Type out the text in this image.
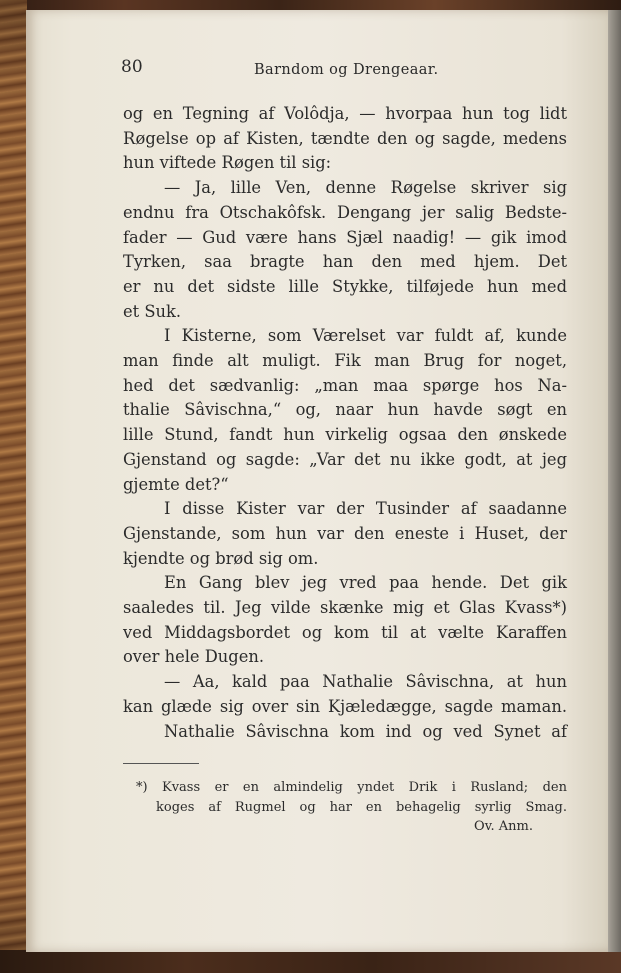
80	Barndom og Drengeaar.
og en Tegning af Volôdja, — hvorpaa hun tog lidt
Røgelse op af Kisten, tændte den og sagde, medens
hun viftede Røgen til sig:
— Ja, lille Ven, denne Røgelse skriver sig
endnu fra Otschakôfsk. Dengang jer salig Bedste-
fader — Gud være hans Sjæl naadig! — gik imod
Tyrken, saa bragte han den med hjem. Det
er nu det sidste lille Stykke, tilføjede hun med
et Suk.
I Kisterne, som Værelset var fuldt af, kunde
man finde alt muligt. Fik man Brug for noget,
hed det sædvanlig: „man maa spørge hos Na-
thalie Sâvischna,“ og, naar hun havde søgt en
lille Stund, fandt hun virkelig ogsaa den ønskede
Gjenstand og sagde: „Var det nu ikke godt, at jeg
gjemte det?“
I disse Kister var der Tusinder af saadanne
Gjenstande, som hun var den eneste i Huset, der
kjendte og brød sig om.
En Gang blev jeg vred paa hende. Det gik
saaledes til. Jeg vilde skænke mig et Glas Kvass*)
ved Middagsbordet og kom til at vælte Karaffen
over hele Dugen.
— Aa, kald paa Nathalie Sâvischna, at hun
kan glæde sig over sin Kjæledægge, sagde maman.
Nathalie Sâvischna kom ind og ved Synet af
*) Kvass er en almindelig yndet Drik i Rusland; den
koges af Rugmel og har en behagelig syrlig Smag.
Ov. Anm.
